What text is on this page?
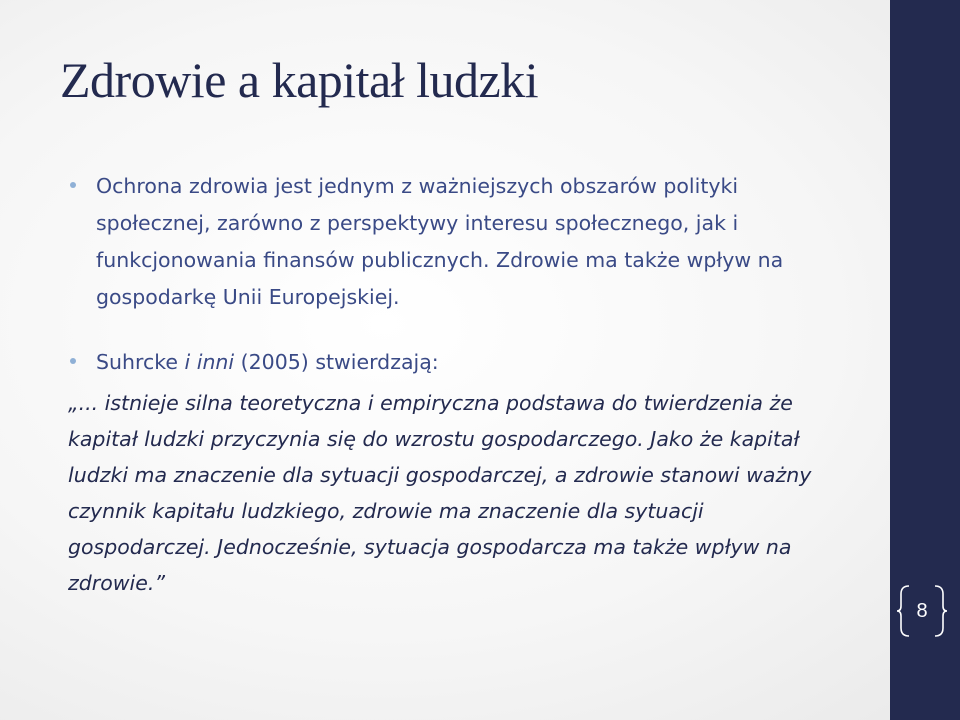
Zdrowie a kapitał ludzki
Ochrona zdrowia jest jednym z ważniejszych obszarów polityki społecznej, zarówno z perspektywy interesu społecznego, jak i funkcjonowania finansów publicznych. Zdrowie ma także wpływ na gospodarkę Unii Europejskiej.
Suhrcke i inni (2005) stwierdzają:
„... istnieje silna teoretyczna i empiryczna podstawa do twierdzenia że kapitał ludzki przyczynia się do wzrostu gospodarczego. Jako że kapitał ludzki ma znaczenie dla sytuacji gospodarczej, a zdrowie stanowi ważny czynnik kapitału ludzkiego, zdrowie ma znaczenie dla sytuacji gospodarczej. Jednocześnie, sytuacja gospodarcza ma także wpływ na zdrowie.”
8
